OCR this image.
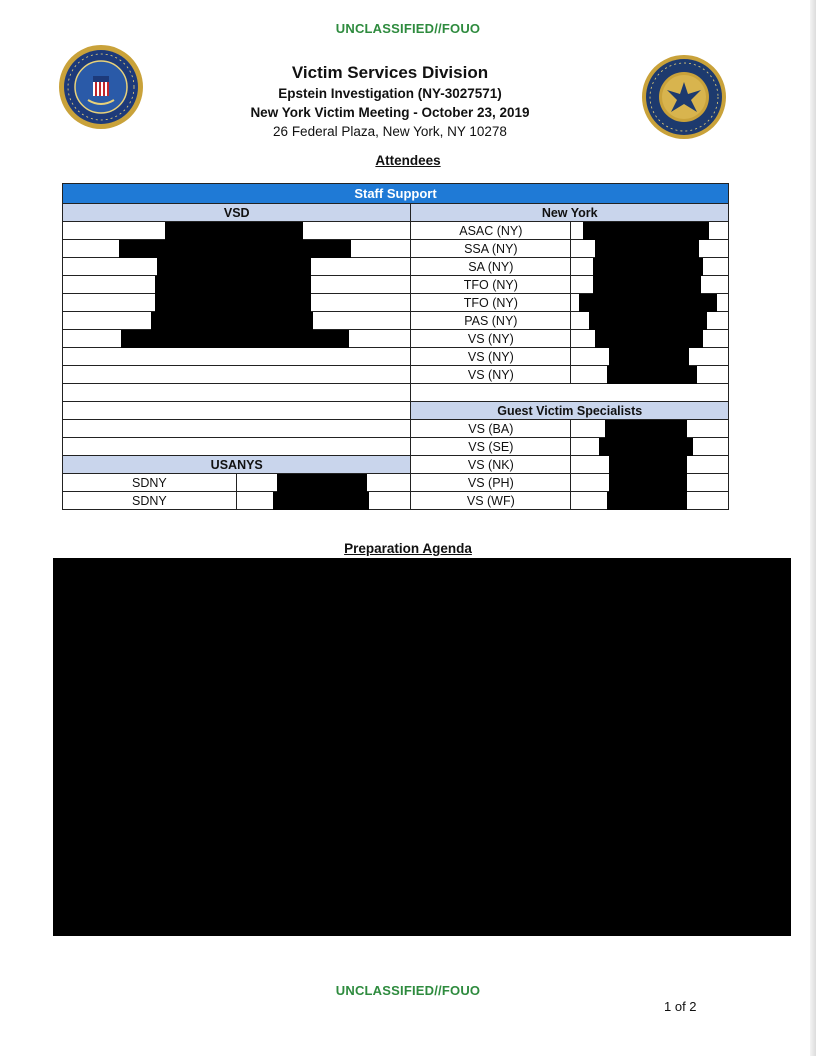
UNCLASSIFIED//FOUO
Victim Services Division
Epstein Investigation (NY-3027571)
New York Victim Meeting - October 23, 2019
26 Federal Plaza, New York, NY 10278
Attendees
Staff Support			
VSD		New York	

		ASAC (NY)	

		SSA (NY)	

		SA (NY)	

		TFO (NY)	

		TFO (NY)	

		PAS (NY)	

		VS (NY)	

		VS (NY)	

		VS (NY)	

		Guest Victim Specialists	
		VS (BA)	

		VS (SE)	

USANYS		VS (NK)	

SDNY		VS (PH)	

SDNY		VS (WF)	
Preparation Agenda
UNCLASSIFIED//FOUO
1 of 2
